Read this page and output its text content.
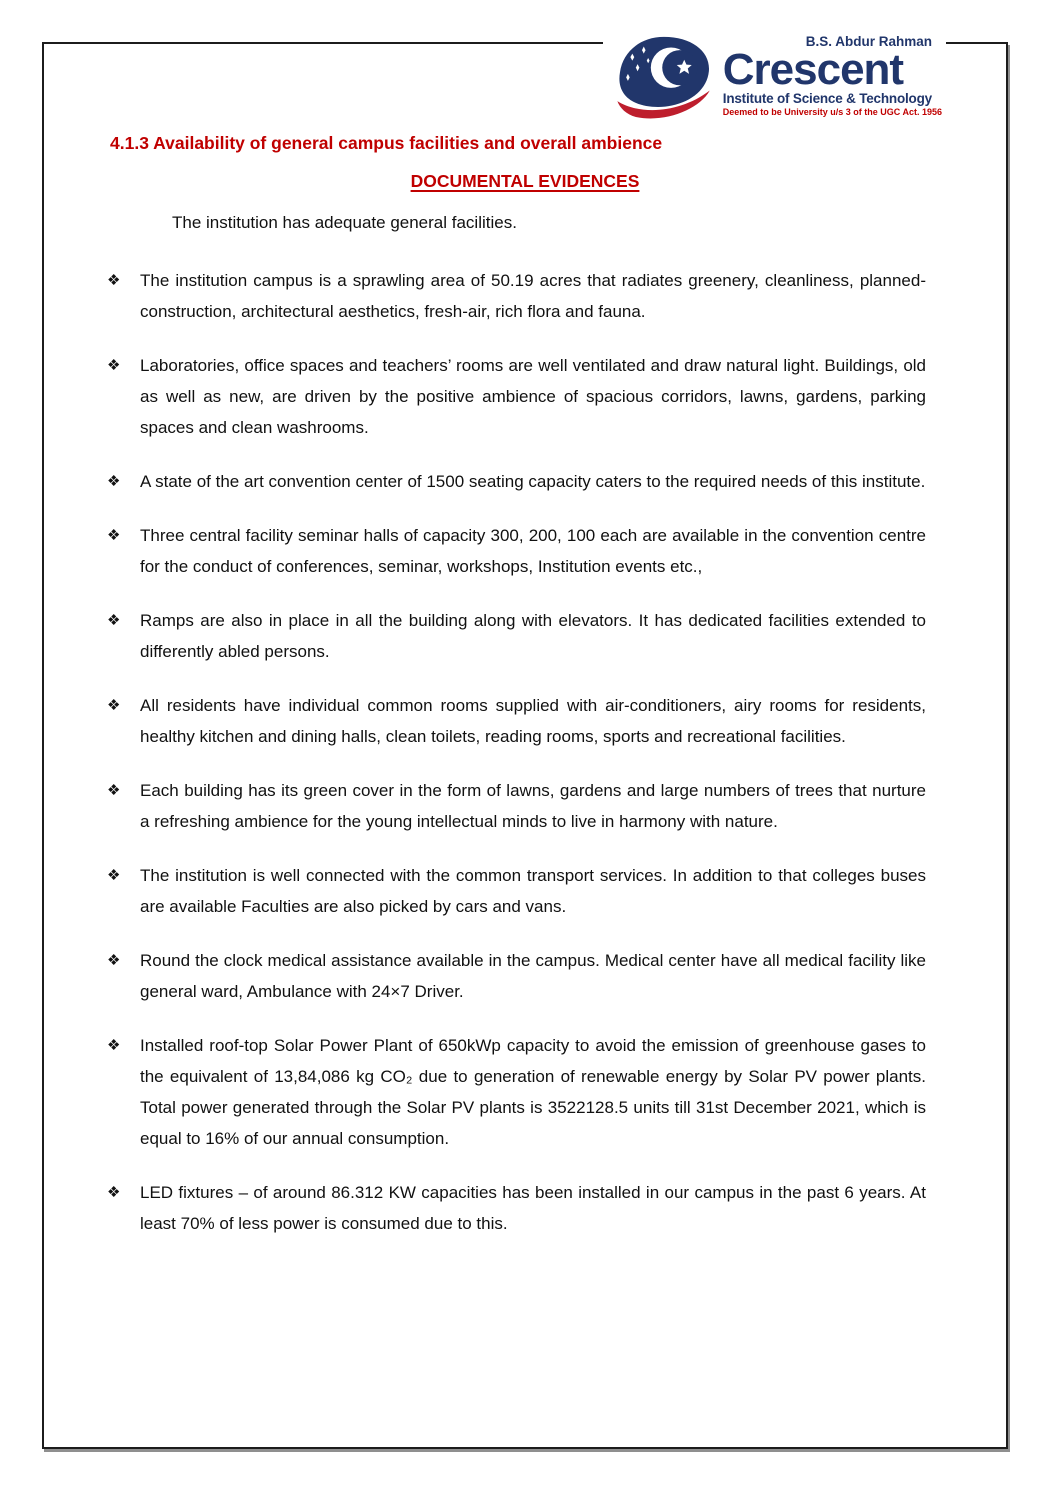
B.S. Abdur Rahman
Crescent
Institute of Science & Technology
Deemed to be University u/s 3 of the UGC Act. 1956
4.1.3 Availability of general campus facilities and overall ambience
DOCUMENTAL EVIDENCES

The institution has adequate general facilities.

❖	The institution campus is a sprawling area of 50.19 acres that radiates greenery, cleanliness, planned-construction, architectural aesthetics, fresh-air, rich flora and fauna.
❖	Laboratories, office spaces and teachers’ rooms are well ventilated and draw natural light. Buildings, old as well as new, are driven by the positive ambience of spacious corridors, lawns, gardens, parking spaces and clean washrooms.
❖	A state of the art convention center of 1500 seating capacity caters to the required needs of this institute.
❖	Three central facility seminar halls of capacity 300, 200, 100 each are available in the convention centre for the conduct of conferences, seminar, workshops, Institution events etc.,
❖	Ramps are also in place in all the building along with elevators. It has dedicated facilities extended to differently abled persons.
❖	All residents have individual common rooms supplied with air-conditioners, airy rooms for residents, healthy kitchen and dining halls, clean toilets, reading rooms, sports and recreational facilities.
❖	Each building has its green cover in the form of lawns, gardens and large numbers of trees that nurture a refreshing ambience for the young intellectual minds to live in harmony with nature.
❖	The institution is well connected with the common transport services. In addition to that colleges buses are available Faculties are also picked by cars and vans.
❖	Round the clock medical assistance available in the campus. Medical center have all medical facility like general ward, Ambulance with 24×7 Driver.
❖	Installed roof-top Solar Power Plant of 650kWp capacity to avoid the emission of greenhouse gases to the equivalent of 13,84,086 kg CO₂ due to generation of renewable energy by Solar PV power plants. Total power generated through the Solar PV plants is 3522128.5 units till 31st December 2021, which is equal to 16% of our annual consumption.
❖	LED fixtures – of around 86.312 KW capacities has been installed in our campus in the past 6 years. At least 70% of less power is consumed due to this.
